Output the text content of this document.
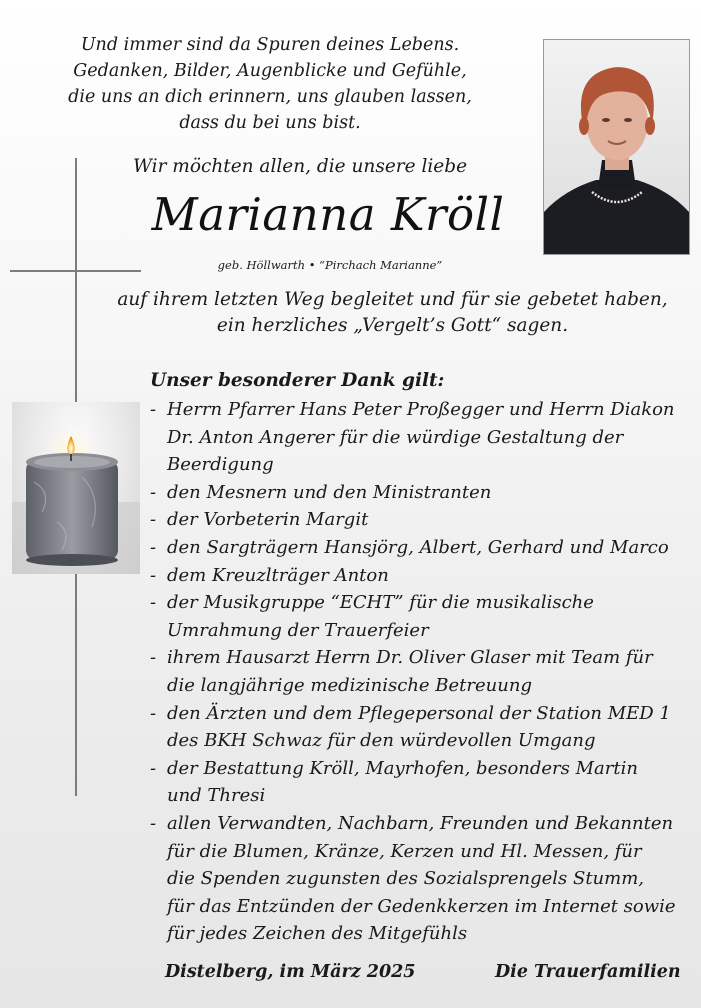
Und immer sind da Spuren deines Lebens.
Gedanken, Bilder, Augenblicke und Gefühle,
die uns an dich erinnern, uns glauben lassen,
dass du bei uns bist.
Wir möchten allen, die unsere liebe
Marianna Kröll
geb. Höllwarth • “Pirchach Marianne”
auf ihrem letzten Weg begleitet und für sie gebetet haben,
ein herzliches „Vergelt’s Gott“ sagen.
Unser besonderer Dank gilt:
- Herrn Pfarrer Hans Peter Proßegger und Herrn Diakon
Dr. Anton Angerer für die würdige Gestaltung der
Beerdigung
- den Mesnern und den Ministranten
- der Vorbeterin Margit
- den Sargträgern Hansjörg, Albert, Gerhard und Marco
- dem Kreuzlträger Anton
- der Musikgruppe “ECHT” für die musikalische
Umrahmung der Trauerfeier
- ihrem Hausarzt Herrn Dr. Oliver Glaser mit Team für
die langjährige medizinische Betreuung
- den Ärzten und dem Pflegepersonal der Station MED 1
des BKH Schwaz für den würdevollen Umgang
- der Bestattung Kröll, Mayrhofen, besonders Martin
und Thresi
- allen Verwandten, Nachbarn, Freunden und Bekannten
für die Blumen, Kränze, Kerzen und Hl. Messen, für
die Spenden zugunsten des Sozialsprengels Stumm,
für das Entzünden der Gedenkkerzen im Internet sowie
für jedes Zeichen des Mitgefühls
Distelberg, im März 2025	Die Trauerfamilien
